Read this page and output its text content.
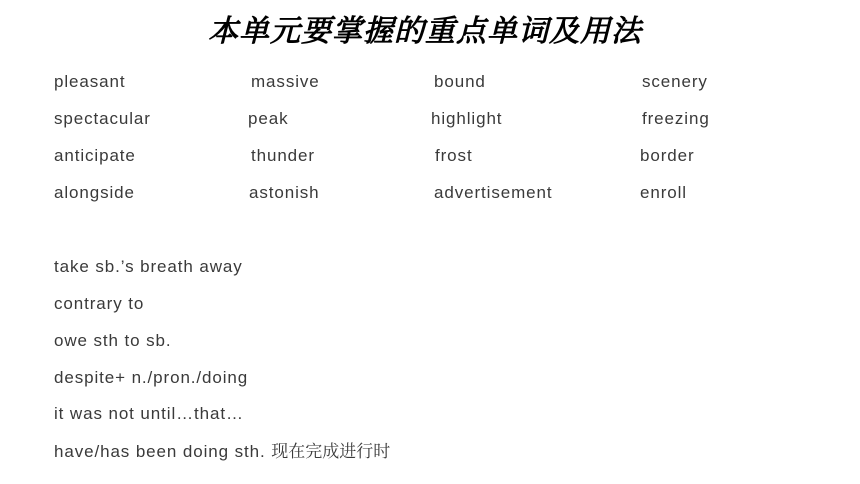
本单元要掌握的重点单词及用法
pleasant	massive	bound	scenery
spectacular	peak	highlight	freezing
anticipate	thunder	frost	border
alongside	astonish	advertisement	enroll
take sb.’s breath away
contrary to
owe sth to sb.
despite+ n./pron./doing
it was not until…that…
have/has been doing sth. 现在完成进行时
